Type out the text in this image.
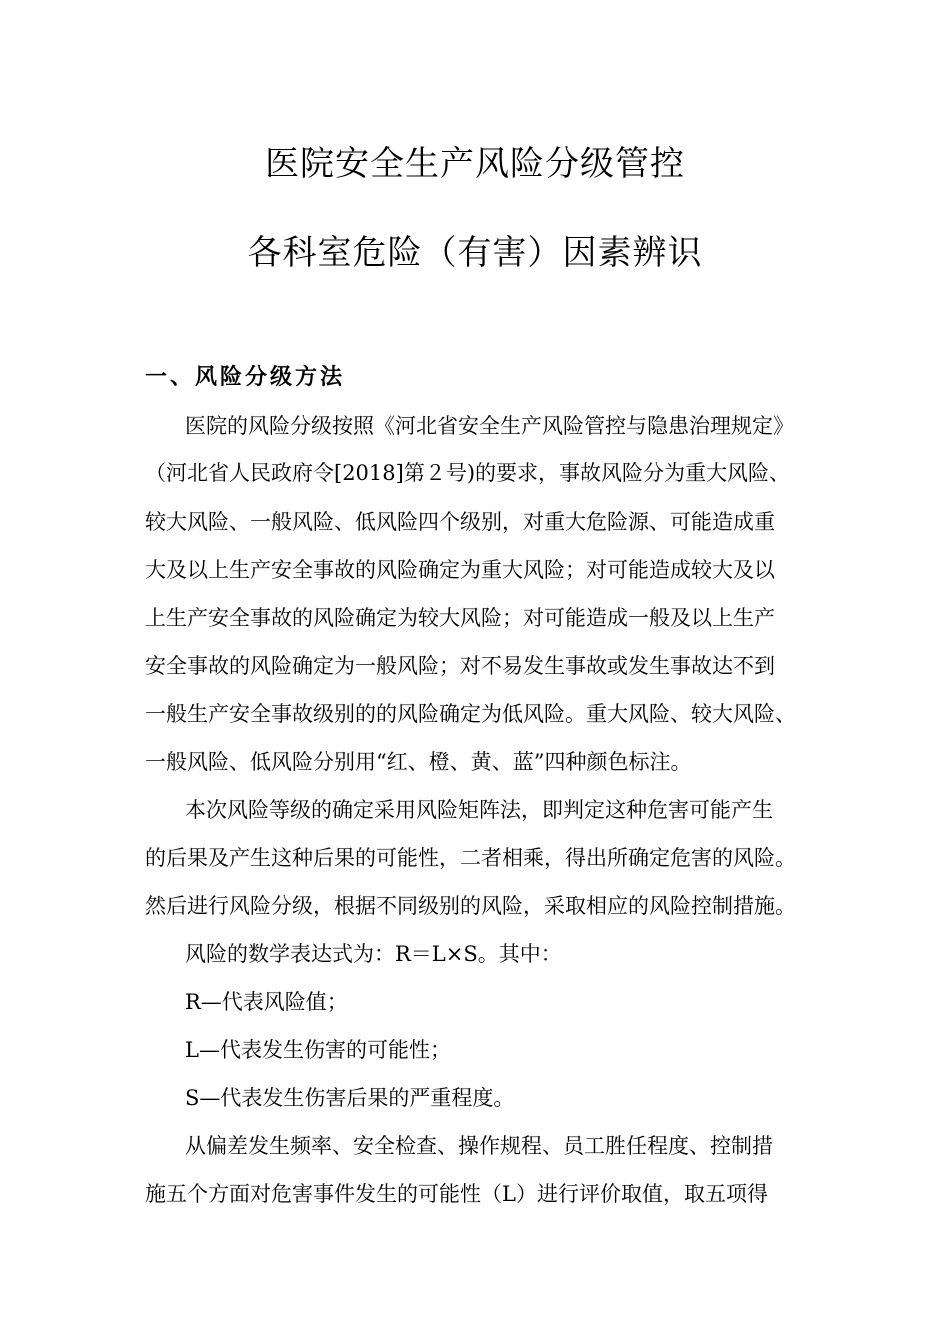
医院安全生产风险分级管控
各科室危险（有害）因素辨识
一、风险分级方法
医院的风险分级按照《河北省安全生产风险管控与隐患治理规定》
（河北省人民政府令[2018]第２号)的要求，事故风险分为重大风险、
较大风险、一般风险、低风险四个级别，对重大危险源、可能造成重
大及以上生产安全事故的风险确定为重大风险；对可能造成较大及以
上生产安全事故的风险确定为较大风险；对可能造成一般及以上生产
安全事故的风险确定为一般风险；对不易发生事故或发生事故达不到
一般生产安全事故级别的的风险确定为低风险。重大风险、较大风险、
一般风险、低风险分别用“红、橙、黄、蓝”四种颜色标注。
本次风险等级的确定采用风险矩阵法，即判定这种危害可能产生
的后果及产生这种后果的可能性，二者相乘，得出所确定危害的风险。
然后进行风险分级，根据不同级别的风险，采取相应的风险控制措施。
风险的数学表达式为：R＝L×S。其中：
R—代表风险值；
L—代表发生伤害的可能性；
S—代表发生伤害后果的严重程度。
从偏差发生频率、安全检查、操作规程、员工胜任程度、控制措
施五个方面对危害事件发生的可能性（L）进行评价取值，取五项得
